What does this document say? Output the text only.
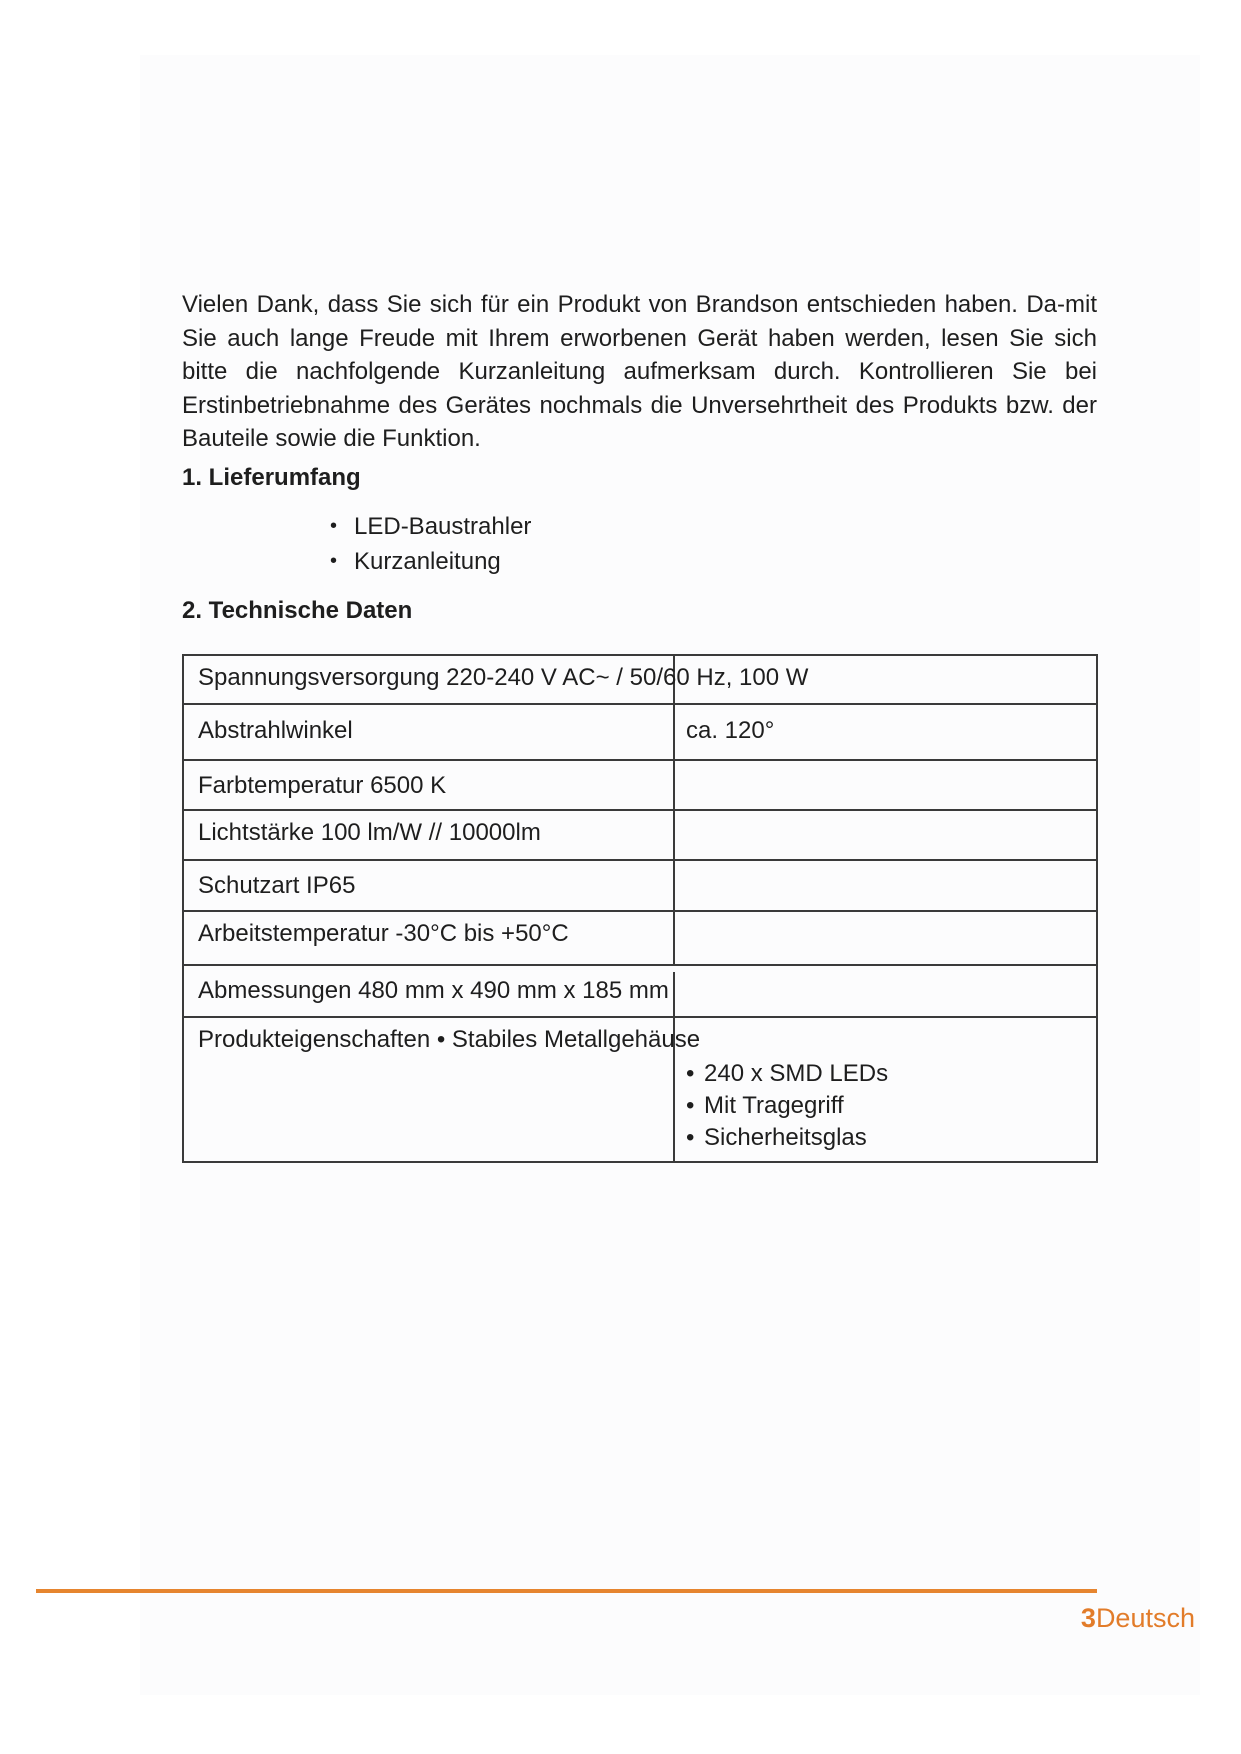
Vielen Dank, dass Sie sich für ein Produkt von Brandson entschieden haben. Da-mit Sie auch lange Freude mit Ihrem erworbenen Gerät haben werden, lesen Sie sich bitte die nachfolgende Kurzanleitung aufmerksam durch. Kontrollieren Sie bei Erstinbetriebnahme des Gerätes nochmals die Unversehrtheit des Produkts bzw. der Bauteile sowie die Funktion.

1. Lieferumfang
• LED-Baustrahler
• Kurzanleitung
2. Technische Daten
Spannungsversorgung 220-240 V AC~ / 50/60 Hz, 100 W
Abstrahlwinkel	ca. 120°
Farbtemperatur 6500 K
Lichtstärke 100 lm/W // 10000lm
Schutzart IP65
Arbeitstemperatur -30°C bis +50°C
Abmessungen 480 mm x 490 mm x 185 mm
Produkteigenschaften • Stabiles Metallgehäuse
• 240 x SMD LEDs
• Mit Tragegriff
• Sicherheitsglas
3Deutsch
